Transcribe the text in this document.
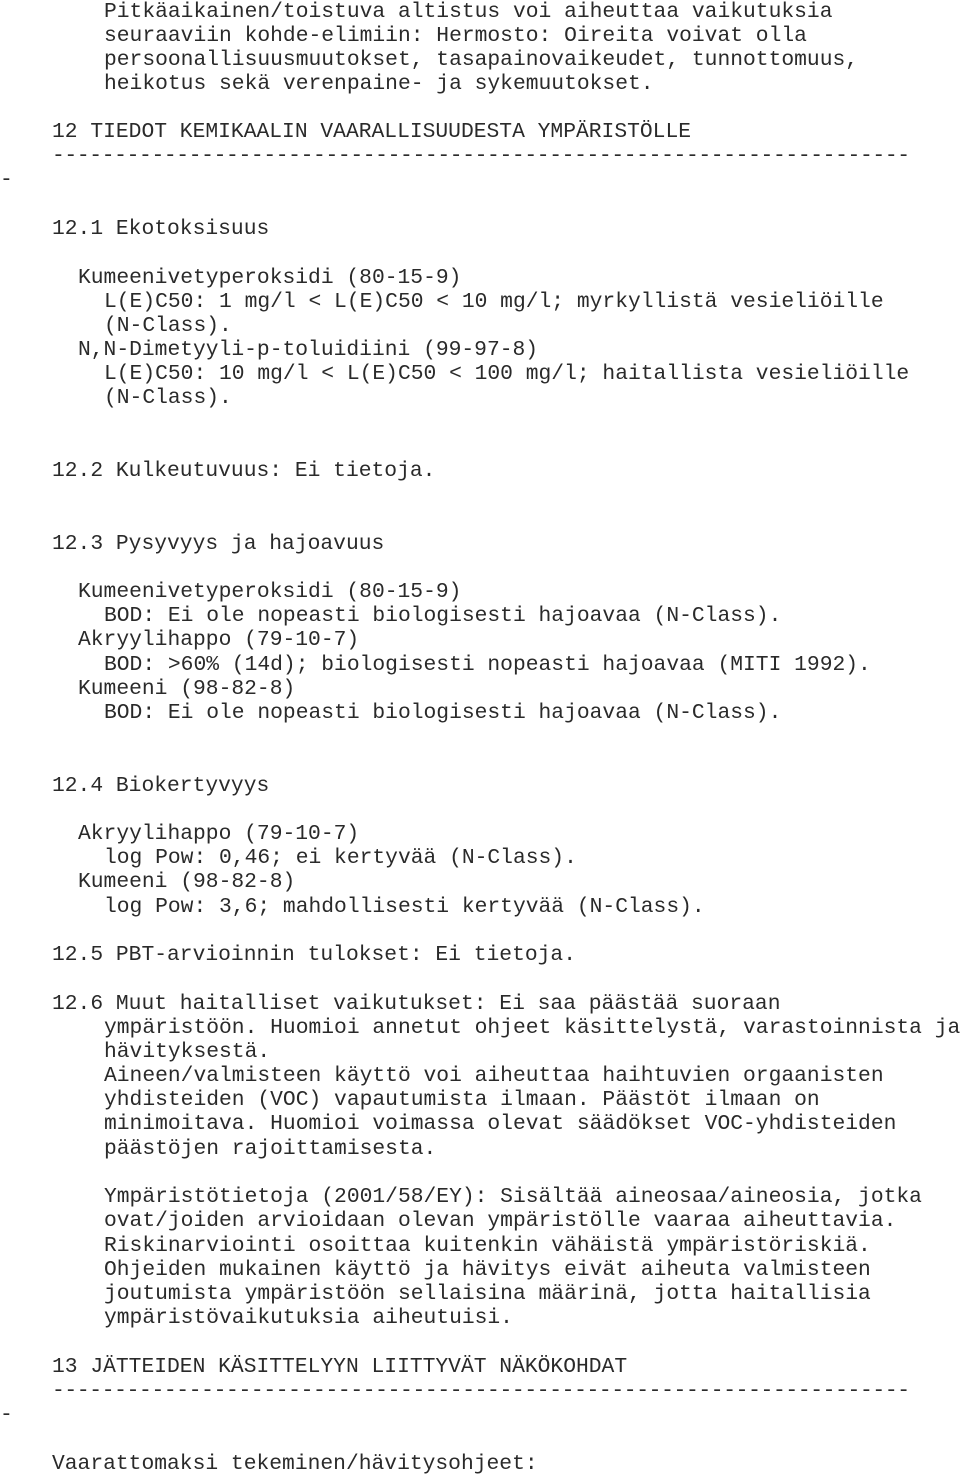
Pitkäaikainen/toistuva altistus voi aiheuttaa vaikutuksia

seuraaviin kohde-elimiin: Hermosto: Oireita voivat olla

persoonallisuusmuutokset, tasapainovaikeudet, tunnottomuus,

heikotus sekä verenpaine- ja sykemuutokset.

12 TIEDOT KEMIKAALIN VAARALLISUUDESTA YMPÄRISTÖLLE

---------------------------------------------------------------------

-

12.1 Ekotoksisuus

Kumeenivetyperoksidi (80-15-9)

L(E)C50: 1 mg/l < L(E)C50 < 10 mg/l; myrkyllistä vesieliöille

(N-Class).

N,N-Dimetyyli-p-toluidiini (99-97-8)

L(E)C50: 10 mg/l < L(E)C50 < 100 mg/l; haitallista vesieliöille

(N-Class).

12.2 Kulkeutuvuus: Ei tietoja.

12.3 Pysyvyys ja hajoavuus

Kumeenivetyperoksidi (80-15-9)

BOD: Ei ole nopeasti biologisesti hajoavaa (N-Class).

Akryylihappo (79-10-7)

BOD: >60% (14d); biologisesti nopeasti hajoavaa (MITI 1992).

Kumeeni (98-82-8)

BOD: Ei ole nopeasti biologisesti hajoavaa (N-Class).

12.4 Biokertyvyys

Akryylihappo (79-10-7)

log Pow: 0,46; ei kertyvää (N-Class).

Kumeeni (98-82-8)

log Pow: 3,6; mahdollisesti kertyvää (N-Class).

12.5 PBT-arvioinnin tulokset: Ei tietoja.

12.6 Muut haitalliset vaikutukset: Ei saa päästää suoraan

ympäristöön. Huomioi annetut ohjeet käsittelystä, varastoinnista ja

hävityksestä.

Aineen/valmisteen käyttö voi aiheuttaa haihtuvien orgaanisten

yhdisteiden (VOC) vapautumista ilmaan. Päästöt ilmaan on

minimoitava. Huomioi voimassa olevat säädökset VOC-yhdisteiden

päästöjen rajoittamisesta.

Ympäristötietoja (2001/58/EY): Sisältää aineosaa/aineosia, jotka

ovat/joiden arvioidaan olevan ympäristölle vaaraa aiheuttavia.

Riskinarviointi osoittaa kuitenkin vähäistä ympäristöriskiä.

Ohjeiden mukainen käyttö ja hävitys eivät aiheuta valmisteen

joutumista ympäristöön sellaisina määrinä, jotta haitallisia

ympäristövaikutuksia aiheutuisi.

13 JÄTTEIDEN KÄSITTELYYN LIITTYVÄT NÄKÖKOHDAT

---------------------------------------------------------------------

-

Vaarattomaksi tekeminen/hävitysohjeet:
